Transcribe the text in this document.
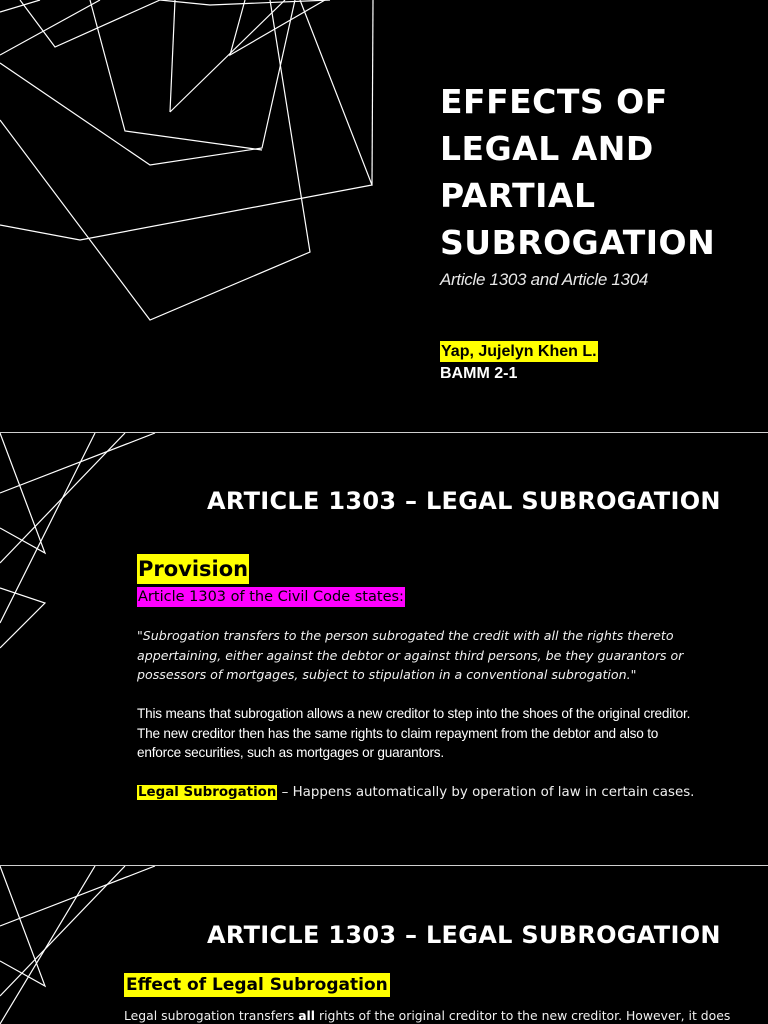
EFFECTS OF
LEGAL AND
PARTIAL
SUBROGATION
Article 1303 and Article 1304
Yap, Jujelyn Khen L.
BAMM 2-1
ARTICLE 1303 – LEGAL SUBROGATION
Provision
Article 1303 of the Civil Code states:
"Subrogation transfers to the person subrogated the credit with all the rights thereto
appertaining, either against the debtor or against third persons, be they guarantors or
possessors of mortgages, subject to stipulation in a conventional subrogation."
This means that subrogation allows a new creditor to step into the shoes of the original creditor.
The new creditor then has the same rights to claim repayment from the debtor and also to
enforce securities, such as mortgages or guarantors.
Legal Subrogation – Happens automatically by operation of law in certain cases.
ARTICLE 1303 – LEGAL SUBROGATION
Effect of Legal Subrogation
Legal subrogation transfers all rights of the original creditor to the new creditor. However, it does
